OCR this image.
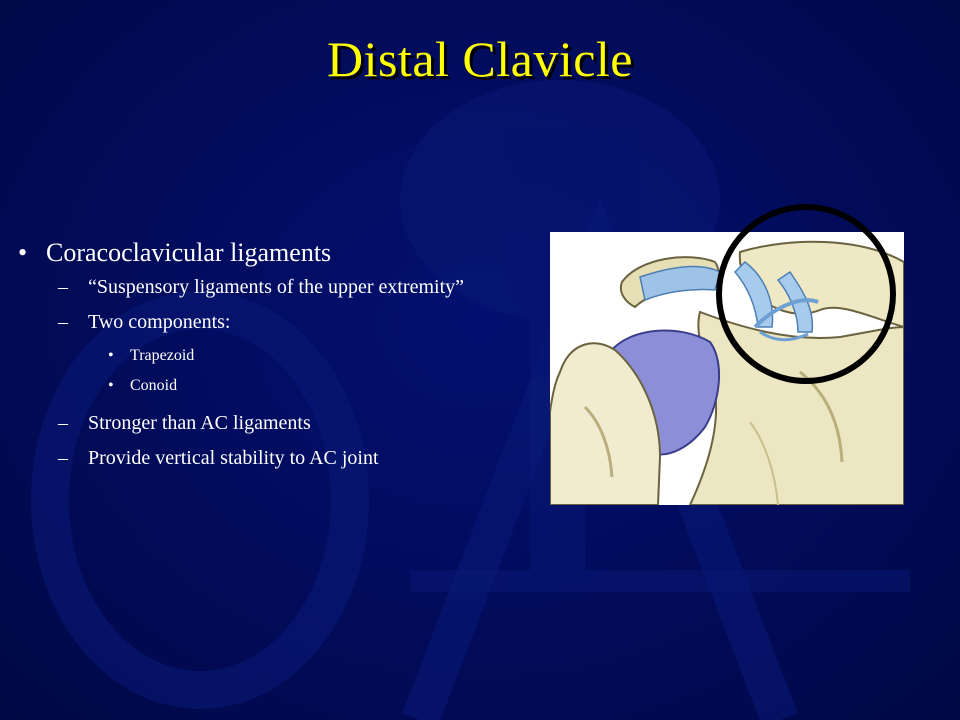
Distal Clavicle
• Coracoclavicular ligaments
– “Suspensory ligaments of the upper extremity”
– Two components:
• Trapezoid
• Conoid
– Stronger than AC ligaments
– Provide vertical stability to AC joint
